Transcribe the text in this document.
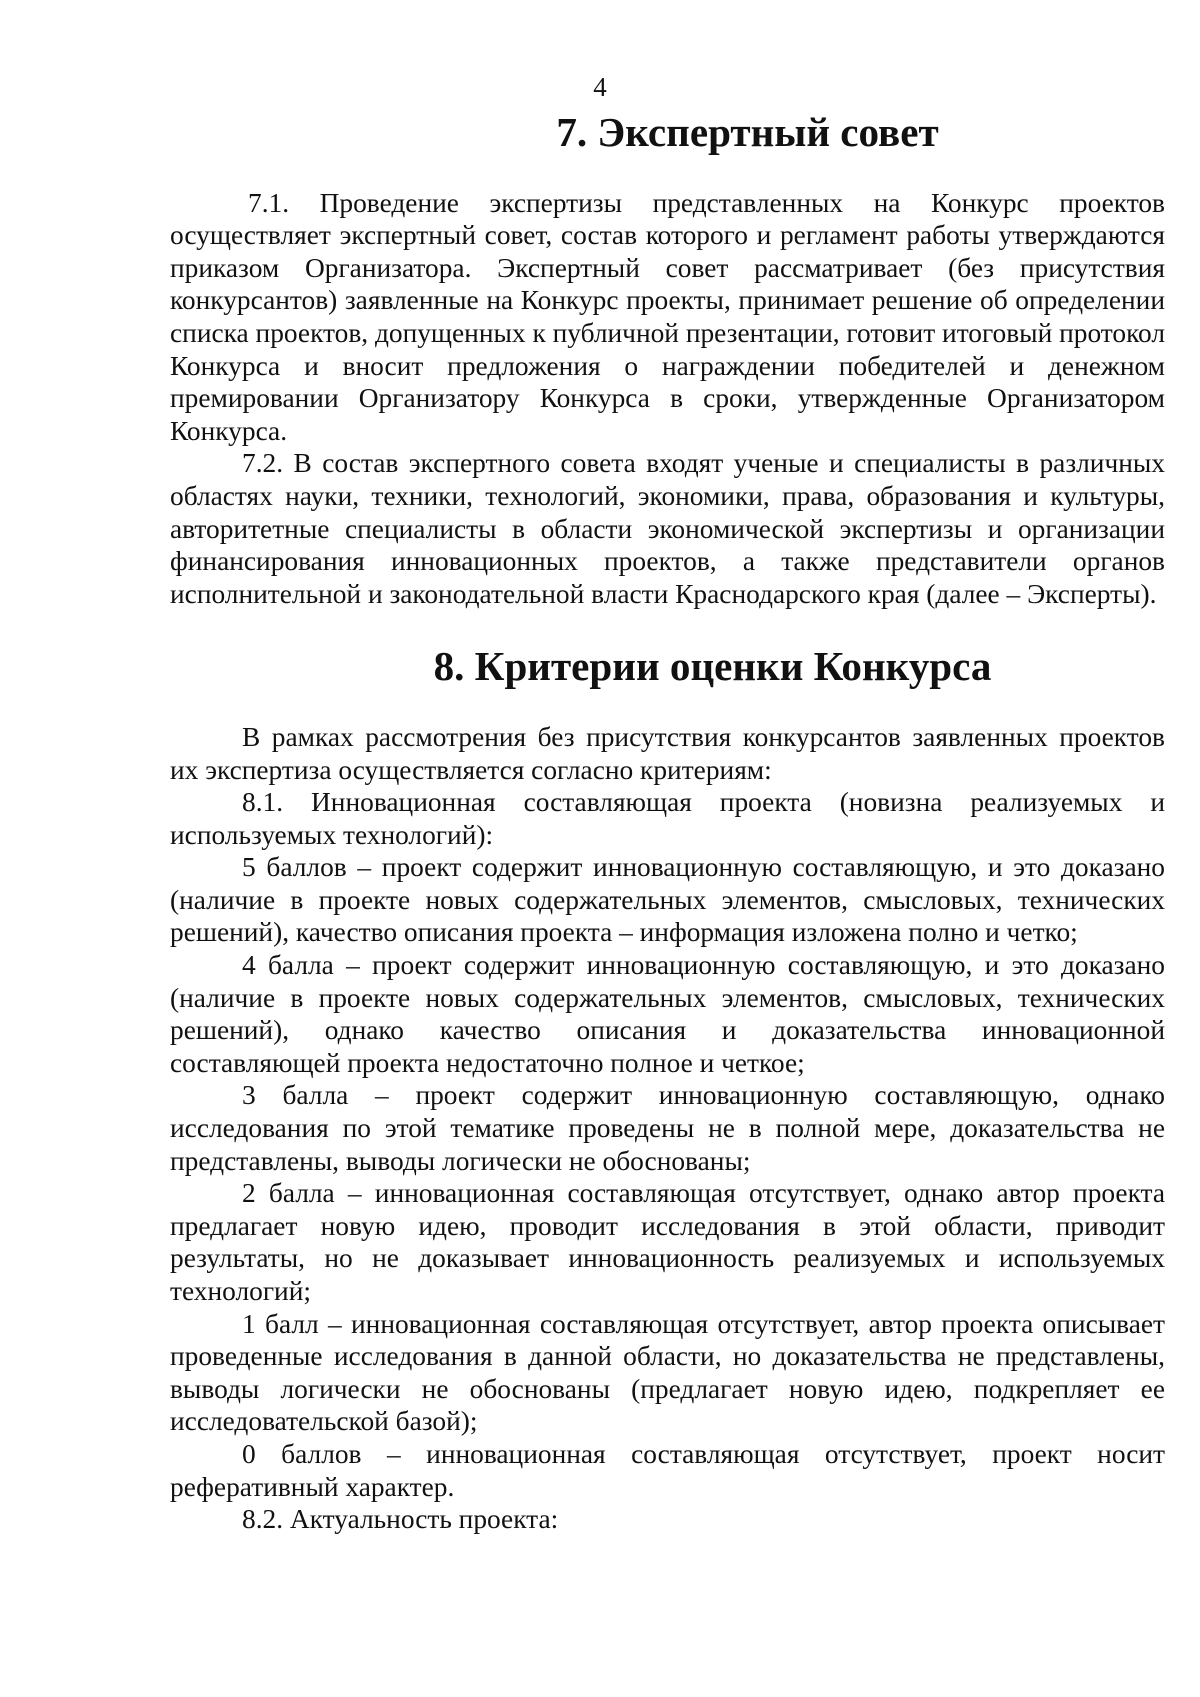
4
7. Экспертный совет

7.1. Проведение экспертизы представленных на Конкурс проектов осуществляет экспертный совет, состав которого и регламент работы утверждаются приказом Организатора. Экспертный совет рассматривает (без присутствия конкурсантов) заявленные на Конкурс проекты, принимает решение об определении списка проектов, допущенных к публичной презентации, готовит итоговый протокол Конкурса и вносит предложения о награждении победителей и денежном премировании Организатору Конкурса в сроки, утвержденные Организатором Конкурса.

7.2. В состав экспертного совета входят ученые и специалисты в различных областях науки, техники, технологий, экономики, права, образования и культуры, авторитетные специалисты в области экономической экспертизы и организации финансирования инновационных проектов, а также представители органов исполнительной и законодательной власти Краснодарского края (далее – Эксперты).

8. Критерии оценки Конкурса

В рамках рассмотрения без присутствия конкурсантов заявленных проектов их экспертиза осуществляется согласно критериям:

8.1. Инновационная составляющая проекта (новизна реализуемых и используемых технологий):

5 баллов – проект содержит инновационную составляющую, и это доказано (наличие в проекте новых содержательных элементов, смысловых, технических решений), качество описания проекта – информация изложена полно и четко;

4 балла – проект содержит инновационную составляющую, и это доказано (наличие в проекте новых содержательных элементов, смысловых, технических решений), однако качество описания и доказательства инновационной составляющей проекта недостаточно полное и четкое;

3 балла – проект содержит инновационную составляющую, однако исследования по этой тематике проведены не в полной мере, доказательства не представлены, выводы логически не обоснованы;

2 балла – инновационная составляющая отсутствует, однако автор проекта предлагает новую идею, проводит исследования в этой области, приводит результаты, но не доказывает инновационность реализуемых и используемых технологий;

1 балл – инновационная составляющая отсутствует, автор проекта описывает проведенные исследования в данной области, но доказательства не представлены, выводы логически не обоснованы (предлагает новую идею, подкрепляет ее исследовательской базой);

0 баллов – инновационная составляющая отсутствует, проект носит реферативный характер.

8.2. Актуальность проекта:
